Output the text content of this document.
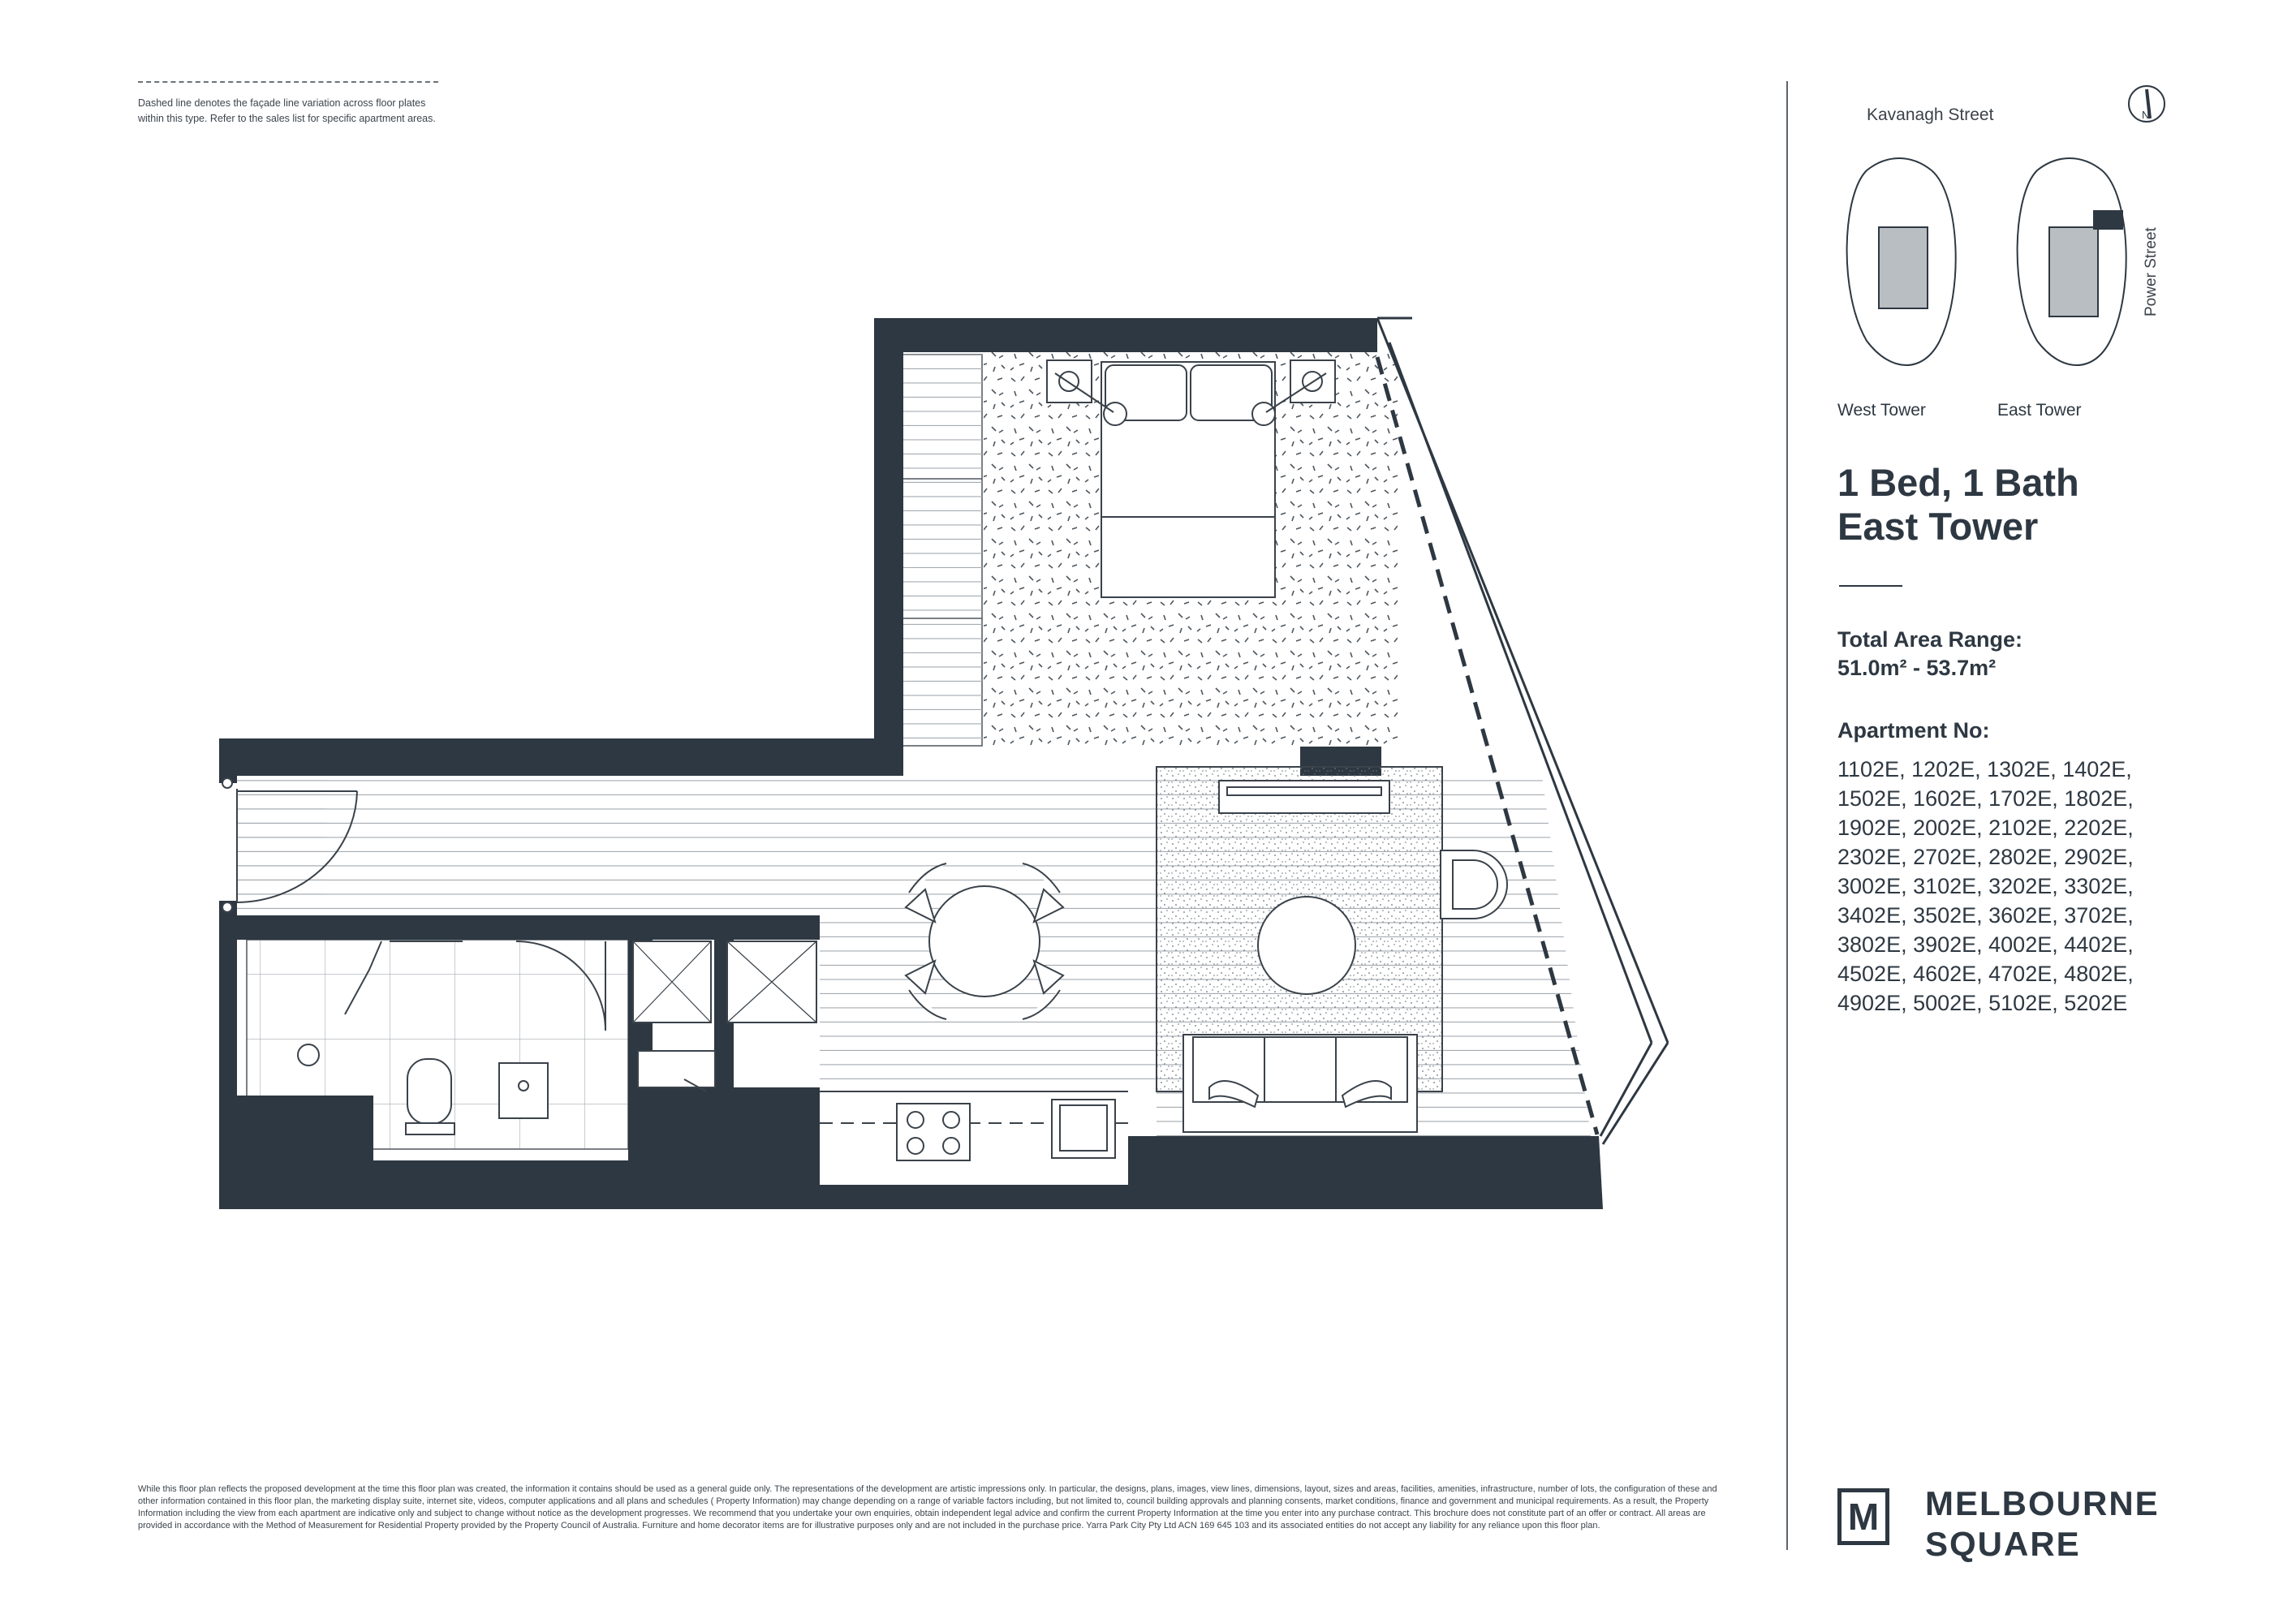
Dashed line denotes the façade line variation across floor plates within this type. Refer to the sales list for specific apartment areas.	N
Kavanagh Street
Power Street
West Tower	East Tower
1 Bed, 1 Bath
East Tower
Total Area Range:
51.0m² - 53.7m²
Apartment No:
1102E, 1202E, 1302E, 1402E, 1502E, 1602E, 1702E, 1802E, 1902E, 2002E, 2102E, 2202E, 2302E, 2702E, 2802E, 2902E, 3002E, 3102E, 3202E, 3302E, 3402E, 3502E, 3602E, 3702E, 3802E, 3902E, 4002E, 4402E, 4502E, 4602E, 4702E, 4802E, 4902E, 5002E, 5102E, 5202E
While this floor plan reflects the proposed development at the time this floor plan was created, the information it contains should be used as a general guide only. The representations of the development are artistic impressions only. In particular, the designs, plans, images, view lines, dimensions, layout, sizes and areas, facilities, amenities, infrastructure, number of lots, the configuration of these and other information contained in this floor plan, the marketing display suite, internet site, videos, computer applications and all plans and schedules ( Property Information) may change depending on a range of variable factors including, but not limited to, council building approvals and planning consents, market conditions, finance and government and municipal requirements. As a result, the Property Information including the view from each apartment are indicative only and subject to change without notice as the development progresses. We recommend that you undertake your own enquiries, obtain independent legal advice and confirm the current Property Information at the time you enter into any purchase contract. This brochure does not constitute part of an offer or contract. All areas are provided in accordance with the Method of Measurement for Residential Property provided by the Property Council of Australia. Furniture and home decorator items are for illustrative purposes only and are not included in the purchase price. Yarra Park City Pty Ltd ACN 169 645 103 and its associated entities do not accept any liability for any reliance upon this floor plan.	M	MELBOURNE
SQUARE
